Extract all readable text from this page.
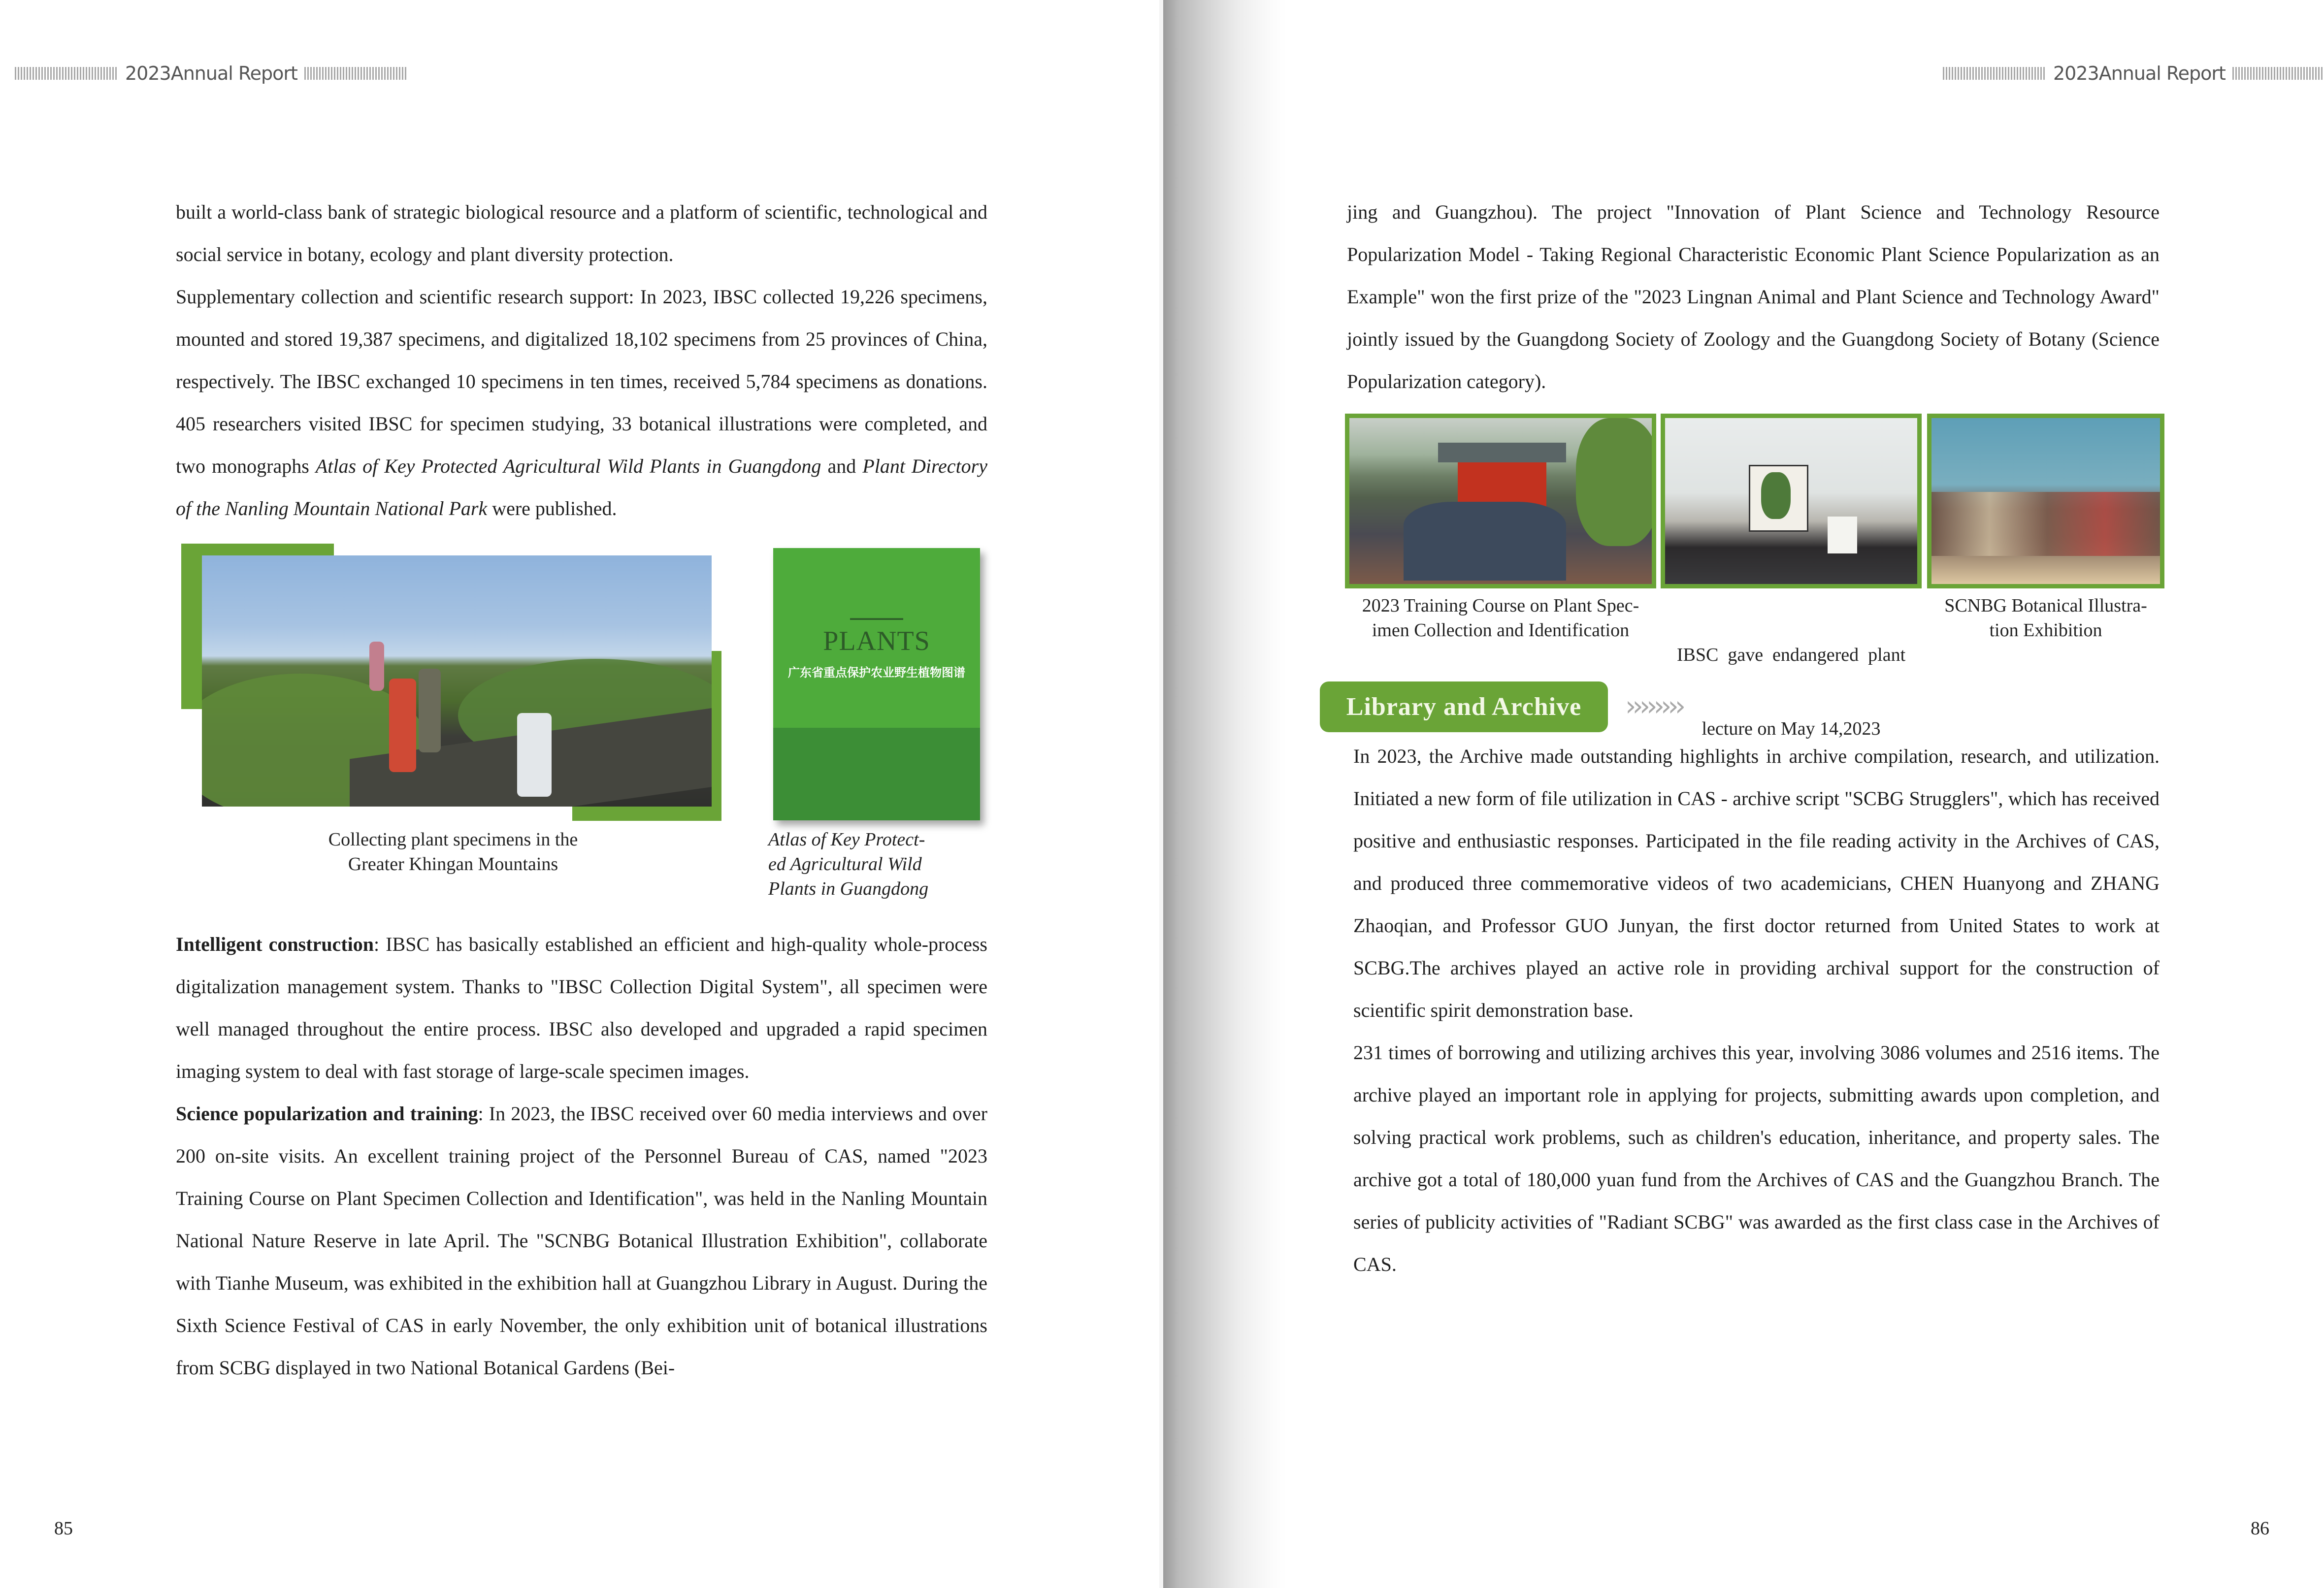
2023Annual Report	2023Annual Report

built a world-class bank of strategic biological resource and a platform of scientific, technological and social service in botany, ecology and plant diversity protection.

Supplementary collection and scientific research support: In 2023, IBSC collected 19,226 specimens, mounted and stored 19,387 specimens, and digitalized 18,102 specimens from 25 provinces of China, respectively. The IBSC exchanged 10 specimens in ten times, received 5,784 specimens as donations. 405 researchers visited IBSC for specimen studying, 33 botanical illustrations were completed, and two monographs Atlas of Key Protected Agricultural Wild Plants in Guangdong and Plant Directory of the Nanling Mountain National Park were published.

▬▬▬▬▬▬▬▬▬
PLANTS
广东省重点保护农业野生植物图谱
Collecting plant specimens in the
Greater Khingan Mountains
Atlas of Key Protect-
ed Agricultural Wild
Plants in Guangdong

Intelligent construction: IBSC has basically established an efficient and high-quality whole-process digitalization management system. Thanks to "IBSC Collection Digital System", all specimen were well managed throughout the entire process. IBSC also developed and upgraded a rapid specimen imaging system to deal with fast storage of large-scale specimen images.

Science popularization and training: In 2023, the IBSC received over 60 media interviews and over 200 on-site visits. An excellent training project of the Personnel Bureau of CAS, named "2023 Training Course on Plant Specimen Collection and Identification", was held in the Nanling Mountain National Nature Reserve in late April. The "SCNBG Botanical Illustration Exhibition", collaborate with Tianhe Museum, was exhibited in the exhibition hall at Guangzhou Library in August. During the Sixth Science Festival of CAS in early November, the only exhibition unit of botanical illustrations from SCBG displayed in two National Botanical Gardens (Bei-

85

jing and Guangzhou). The project "Innovation of Plant Science and Technology Resource Popularization Model - Taking Regional Characteristic Economic Plant Science Popularization as an Example" won the first prize of the "2023 Lingnan Animal and Plant Science and Technology Award" jointly issued by the Guangdong Society of Zoology and the Guangdong Society of Botany (Science Popularization category).

2023 Training Course on Plant Spec-
imen Collection and Identification

IBSC  gave  endangered  plant

lecture on May 14,2023

SCNBG Botanical Illustra-
tion Exhibition
Library and Archive	››››››››

In 2023, the Archive made outstanding highlights in archive compilation, research, and utilization. Initiated a new form of file utilization in CAS - archive script "SCBG Strugglers", which has received positive and enthusiastic responses. Participated in the file reading activity in the Archives of CAS, and produced three commemorative videos of two academicians, CHEN Huanyong and ZHANG Zhaoqian, and Professor GUO Junyan, the first doctor returned from United States to work at SCBG.The archives played an active role in providing archival support for the construction of scientific spirit demonstration base.

231 times of borrowing and utilizing archives this year, involving 3086 volumes and 2516 items. The archive played an important role in applying for projects, submitting awards upon completion, and solving practical work problems, such as children's education, inheritance, and property sales. The archive got a total of 180,000 yuan fund from the Archives of CAS and the Guangzhou Branch. The series of publicity activities of "Radiant SCBG" was awarded as the first class case in the Archives of CAS.

86
